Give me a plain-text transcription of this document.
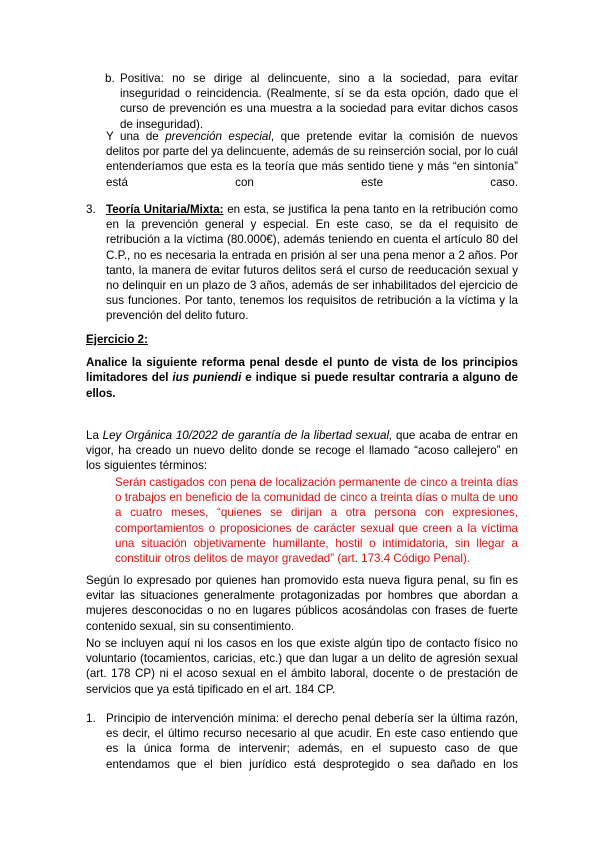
b. Positiva: no se dirige al delincuente, sino a la sociedad, para evitar inseguridad o reincidencia. (Realmente, sí se da esta opción, dado que el curso de prevención es una muestra a la sociedad para evitar dichos casos de inseguridad).

Y una de prevención especial, que pretende evitar la comisión de nuevos delitos por parte del ya delincuente, además de su reinserción social, por lo cuál entenderíamos que esta es la teoría que más sentido tiene y más “en sintonía” está con este caso.

3. Teoría Unitaria/Mixta: en esta, se justifica la pena tanto en la retribución como en la prevención general y especial. En este caso, se da el requisito de retribución a la víctima (80.000€), además teniendo en cuenta el artículo 80 del C.P., no es necesaria la entrada en prisión al ser una pena menor a 2 años. Por tanto, la manera de evitar futuros delitos será el curso de reeducación sexual y no delinquir en un plazo de 3 años, además de ser inhabilitados del ejercicio de sus funciones. Por tanto, tenemos los requisitos de retribución a la víctima y la prevención del delito futuro.

Ejercicio 2:

Analice la siguiente reforma penal desde el punto de vista de los principios limitadores del ius puniendi e indique si puede resultar contraria a alguno de ellos.

La Ley Orgánica 10/2022 de garantía de la libertad sexual, que acaba de entrar en vigor, ha creado un nuevo delito donde se recoge el llamado “acoso callejero” en los siguientes términos:

Serán castigados con pena de localización permanente de cinco a treinta días o trabajos en beneficio de la comunidad de cinco a treinta días o multa de uno a cuatro meses, “quienes se dirijan a otra persona con expresiones, comportamientos o proposiciones de carácter sexual que creen a la víctima una situación objetivamente humillante, hostil o intimidatoria, sin llegar a constituir otros delitos de mayor gravedad” (art. 173.4 Código Penal).

Según lo expresado por quienes han promovido esta nueva figura penal, su fin es evitar las situaciones generalmente protagonizadas por hombres que abordan a mujeres desconocidas o no en lugares públicos acosándolas con frases de fuerte contenido sexual, sin su consentimiento.

No se incluyen aquí ni los casos en los que existe algún tipo de contacto físico no voluntario (tocamientos, caricias, etc.) que dan lugar a un delito de agresión sexual (art. 178 CP) ni el acoso sexual en el ámbito laboral, docente o de prestación de servicios que ya está tipificado en el art. 184 CP.

1. Principio de intervención mínima: el derecho penal debería ser la última razón, es decir, el último recurso necesario al que acudir. En este caso entiendo que es la única forma de intervenir; además, en el supuesto caso de que entendamos que el bien jurídico está desprotegido o sea dañado en los
